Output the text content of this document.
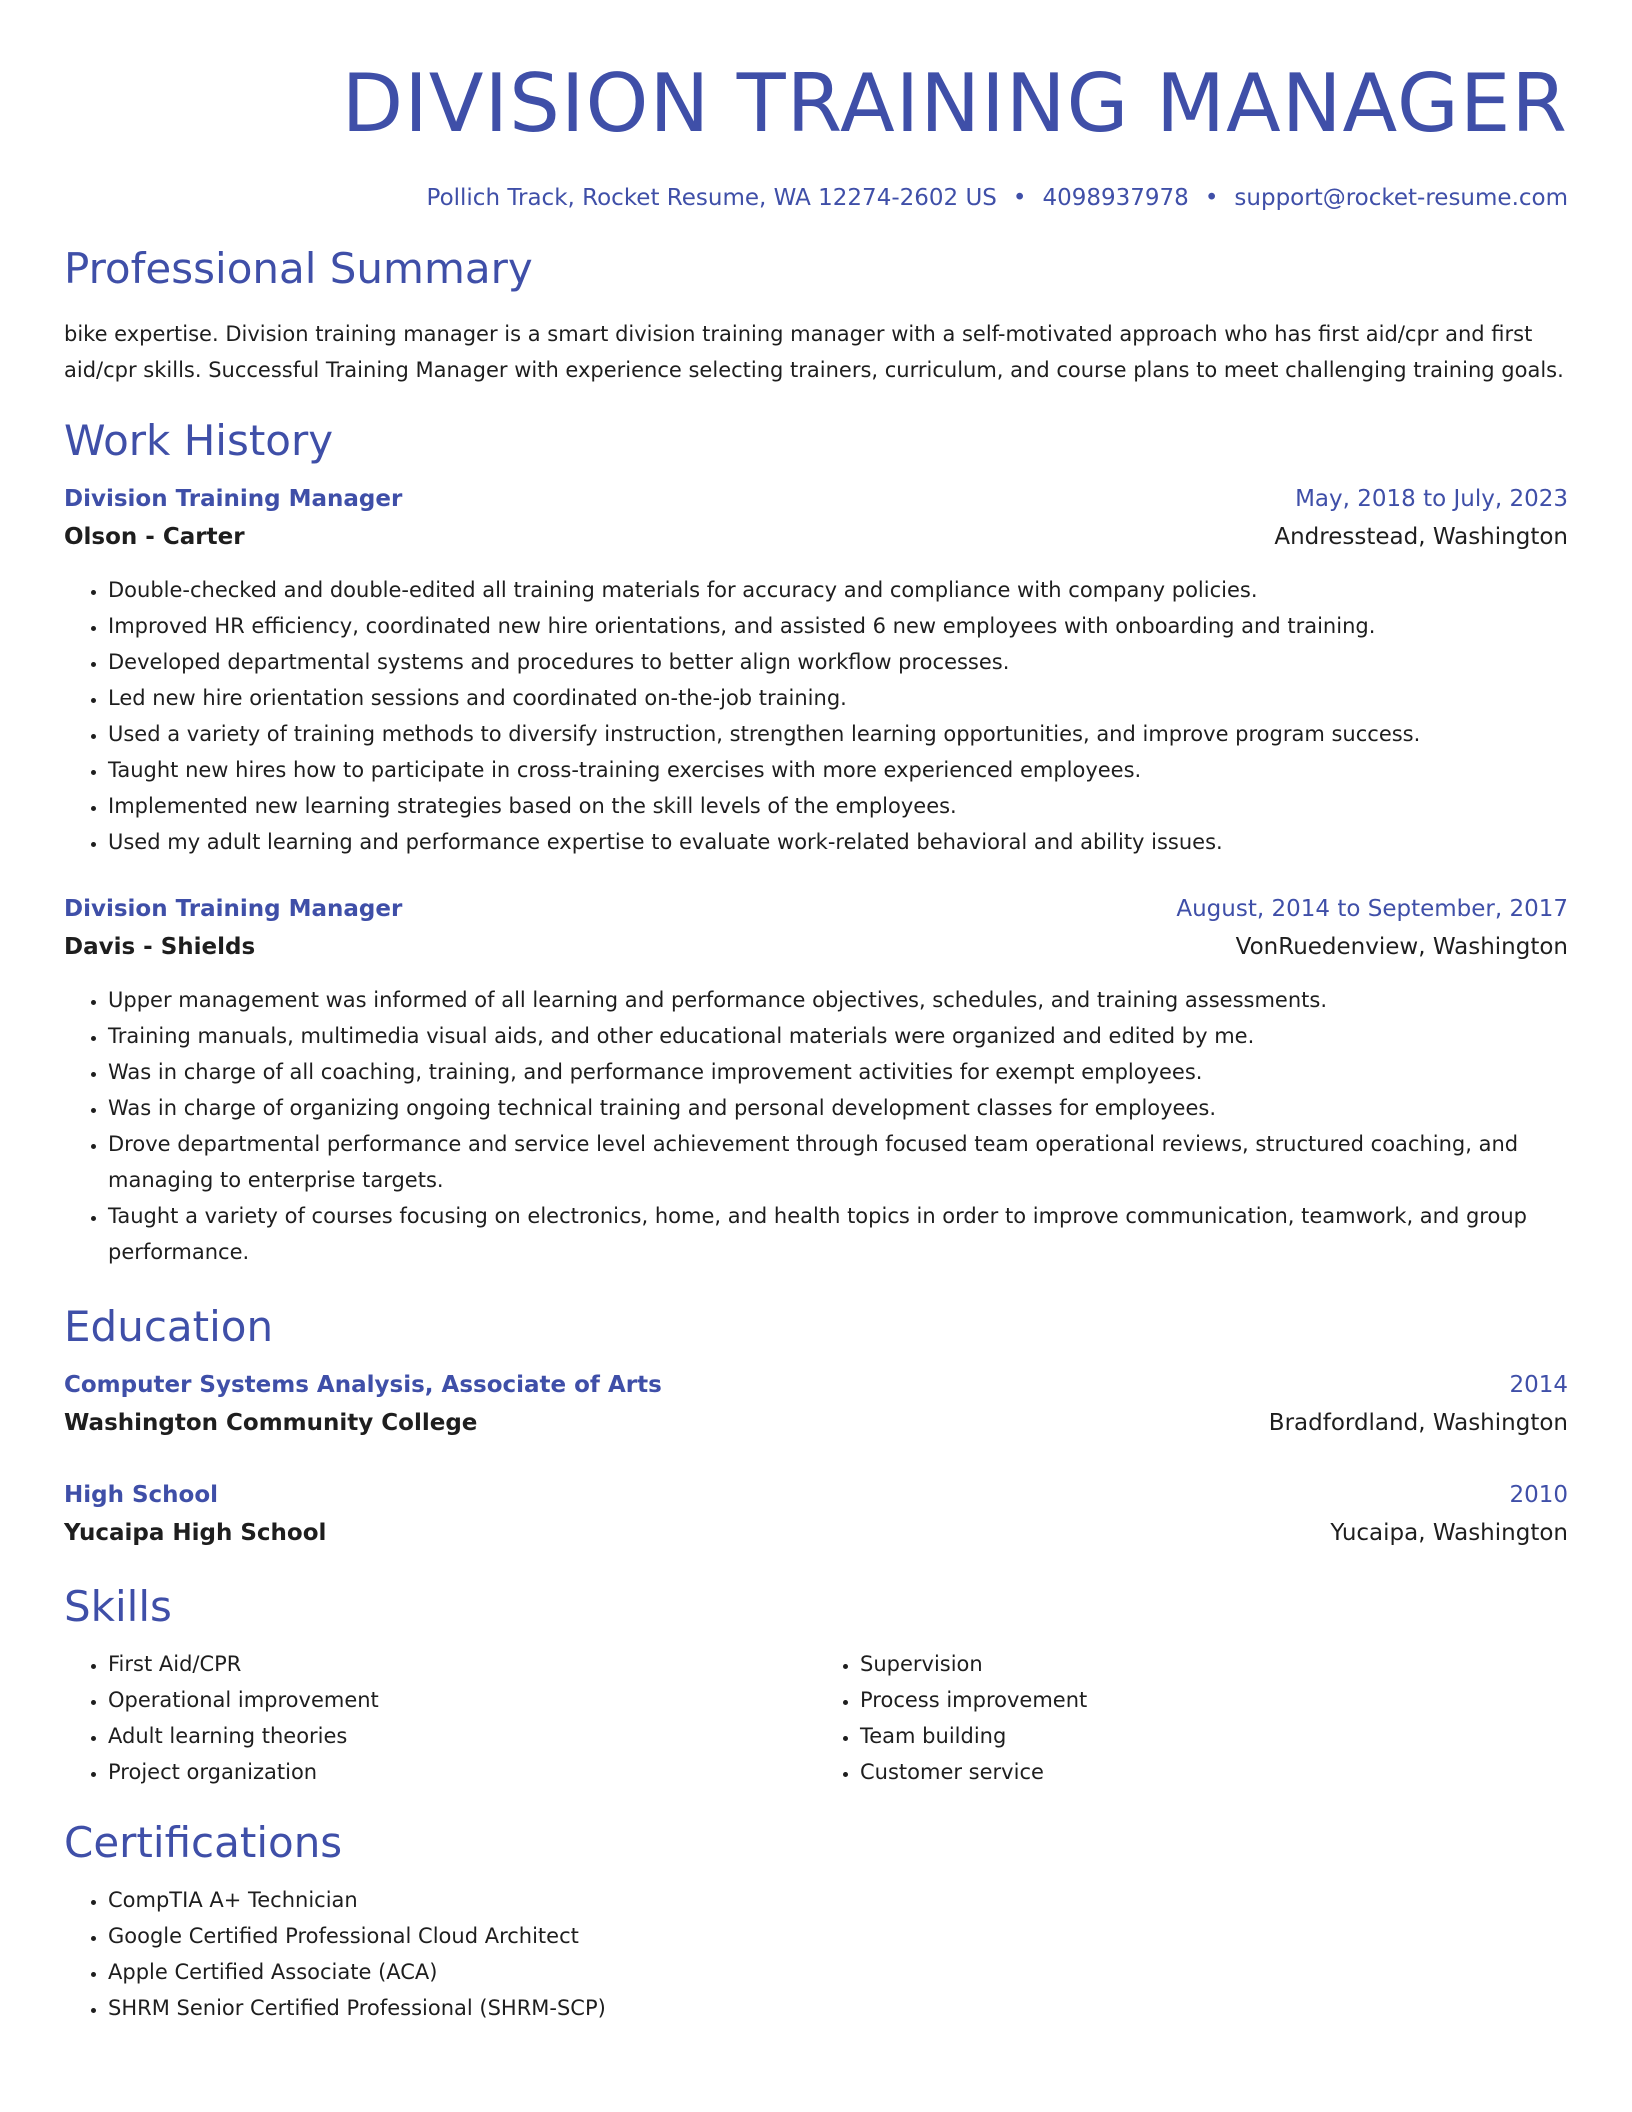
DIVISION TRAINING MANAGER
Pollich Track, Rocket Resume, WA 12274-2602 US • 4098937978 • support@rocket-resume.com
Professional Summary

bike expertise. Division training manager is a smart division training manager with a self-motivated approach who has first aid/cpr and first aid/cpr skills. Successful Training Manager with experience selecting trainers, curriculum, and course plans to meet challenging training goals.

Work History
Division Training Manager	May, 2018 to July, 2023
Olson - Carter	Andresstead, Washington
• Double-checked and double-edited all training materials for accuracy and compliance with company policies.
• Improved HR efficiency, coordinated new hire orientations, and assisted 6 new employees with onboarding and training.
• Developed departmental systems and procedures to better align workflow processes.
• Led new hire orientation sessions and coordinated on-the-job training.
• Used a variety of training methods to diversify instruction, strengthen learning opportunities, and improve program success.
• Taught new hires how to participate in cross-training exercises with more experienced employees.
• Implemented new learning strategies based on the skill levels of the employees.
• Used my adult learning and performance expertise to evaluate work-related behavioral and ability issues.
Division Training Manager	August, 2014 to September, 2017
Davis - Shields	VonRuedenview, Washington
• Upper management was informed of all learning and performance objectives, schedules, and training assessments.
• Training manuals, multimedia visual aids, and other educational materials were organized and edited by me.
• Was in charge of all coaching, training, and performance improvement activities for exempt employees.
• Was in charge of organizing ongoing technical training and personal development classes for employees.
• Drove departmental performance and service level achievement through focused team operational reviews, structured coaching, and managing to enterprise targets.
• Taught a variety of courses focusing on electronics, home, and health topics in order to improve communication, teamwork, and group performance.
Education
Computer Systems Analysis, Associate of Arts	2014
Washington Community College	Bradfordland, Washington
High School	2010
Yucaipa High School	Yucaipa, Washington
Skills
• First Aid/CPR
• Operational improvement
• Adult learning theories
• Project organization
• Supervision
• Process improvement
• Team building
• Customer service
Certifications
• CompTIA A+ Technician
• Google Certified Professional Cloud Architect
• Apple Certified Associate (ACA)
• SHRM Senior Certified Professional (SHRM-SCP)
